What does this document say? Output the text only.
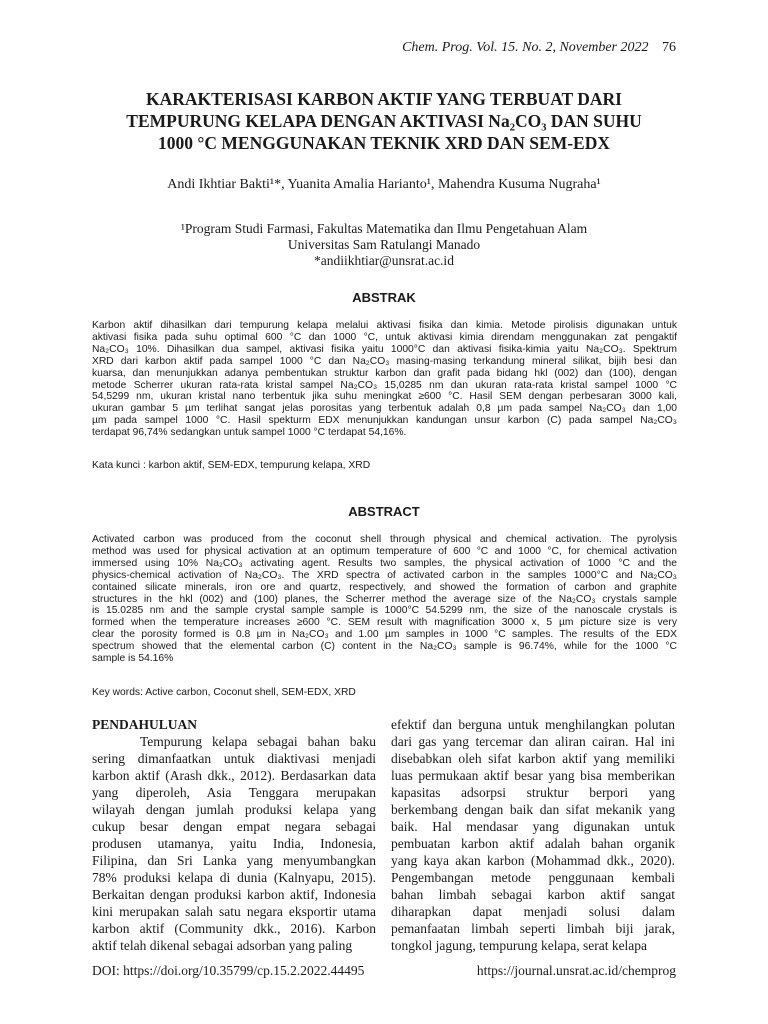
Chem. Prog. Vol. 15. No. 2, November 2022 76
KARAKTERISASI KARBON AKTIF YANG TERBUAT DARI
TEMPURUNG KELAPA DENGAN AKTIVASI Na₂CO₃ DAN SUHU
1000 °C MENGGUNAKAN TEKNIK XRD DAN SEM-EDX
Andi Ikhtiar Bakti¹*, Yuanita Amalia Harianto¹, Mahendra Kusuma Nugraha¹
¹Program Studi Farmasi, Fakultas Matematika dan Ilmu Pengetahuan Alam
Universitas Sam Ratulangi Manado
*andiikhtiar@unsrat.ac.id
ABSTRAK
Karbon aktif dihasilkan dari tempurung kelapa melalui aktivasi fisika dan kimia. Metode pirolisis digunakan untuk
aktivasi fisika pada suhu optimal 600 °C dan 1000 °C, untuk aktivasi kimia direndam menggunakan zat pengaktif
Na₂CO₃ 10%. Dihasilkan dua sampel, aktivasi fisika yaitu 1000°C dan aktivasi fisika-kimia yaitu Na₂CO₃. Spektrum
XRD dari karbon aktif pada sampel 1000 °C dan Na₂CO₃ masing-masing terkandung mineral silikat, bijih besi dan
kuarsa, dan menunjukkan adanya pembentukan struktur karbon dan grafit pada bidang hkl (002) dan (100), dengan
metode Scherrer ukuran rata-rata kristal sampel Na₂CO₃ 15,0285 nm dan ukuran rata-rata kristal sampel 1000 °C
54,5299 nm, ukuran kristal nano terbentuk jika suhu meningkat ≥600 °C. Hasil SEM dengan perbesaran 3000 kali,
ukuran gambar 5 µm terlihat sangat jelas porositas yang terbentuk adalah 0,8 µm pada sampel Na₂CO₃ dan 1,00
µm pada sampel 1000 °C. Hasil spekturm EDX menunjukkan kandungan unsur karbon (C) pada sampel Na₂CO₃
terdapat 96,74% sedangkan untuk sampel 1000 °C terdapat 54,16%.
Kata kunci : karbon aktif, SEM-EDX, tempurung kelapa, XRD
ABSTRACT
Activated carbon was produced from the coconut shell through physical and chemical activation. The pyrolysis
method was used for physical activation at an optimum temperature of 600 °C and 1000 °C, for chemical activation
immersed using 10% Na₂CO₃ activating agent. Results two samples, the physical activation of 1000 °C and the
physics-chemical activation of Na₂CO₃. The XRD spectra of activated carbon in the samples 1000°C and Na₂CO₃
contained silicate minerals, iron ore and quartz, respectively, and showed the formation of carbon and graphite
structures in the hkl (002) and (100) planes, the Scherrer method the average size of the Na₂CO₃ crystals sample
is 15.0285 nm and the sample crystal sample sample is 1000°C 54.5299 nm, the size of the nanoscale crystals is
formed when the temperature increases ≥600 °C. SEM result with magnification 3000 x, 5 µm picture size is very
clear the porosity formed is 0.8 µm in Na₂CO₃ and 1.00 µm samples in 1000 °C samples. The results of the EDX
spectrum showed that the elemental carbon (C) content in the Na₂CO₃ sample is 96.74%, while for the 1000 °C
sample is 54.16%
Key words: Active carbon, Coconut shell, SEM-EDX, XRD
PENDAHULUAN
Tempurung kelapa sebagai bahan baku
sering dimanfaatkan untuk diaktivasi menjadi
karbon aktif (Arash dkk., 2012). Berdasarkan data
yang diperoleh, Asia Tenggara merupakan
wilayah dengan jumlah produksi kelapa yang
cukup besar dengan empat negara sebagai
produsen utamanya, yaitu India, Indonesia,
Filipina, dan Sri Lanka yang menyumbangkan
78% produksi kelapa di dunia (Kalnyapu, 2015).
Berkaitan dengan produksi karbon aktif, Indonesia
kini merupakan salah satu negara eksportir utama
karbon aktif (Community dkk., 2016). Karbon
aktif telah dikenal sebagai adsorban yang paling
efektif dan berguna untuk menghilangkan polutan
dari gas yang tercemar dan aliran cairan. Hal ini
disebabkan oleh sifat karbon aktif yang memiliki
luas permukaan aktif besar yang bisa memberikan
kapasitas adsorpsi struktur berpori yang
berkembang dengan baik dan sifat mekanik yang
baik. Hal mendasar yang digunakan untuk
pembuatan karbon aktif adalah bahan organik
yang kaya akan karbon (Mohammad dkk., 2020).
Pengembangan metode penggunaan kembali
bahan limbah sebagai karbon aktif sangat
diharapkan dapat menjadi solusi dalam
pemanfaatan limbah seperti limbah biji jarak,
tongkol jagung, tempurung kelapa, serat kelapa
DOI: https://doi.org/10.35799/cp.15.2.2022.44495	https://journal.unsrat.ac.id/chemprog
